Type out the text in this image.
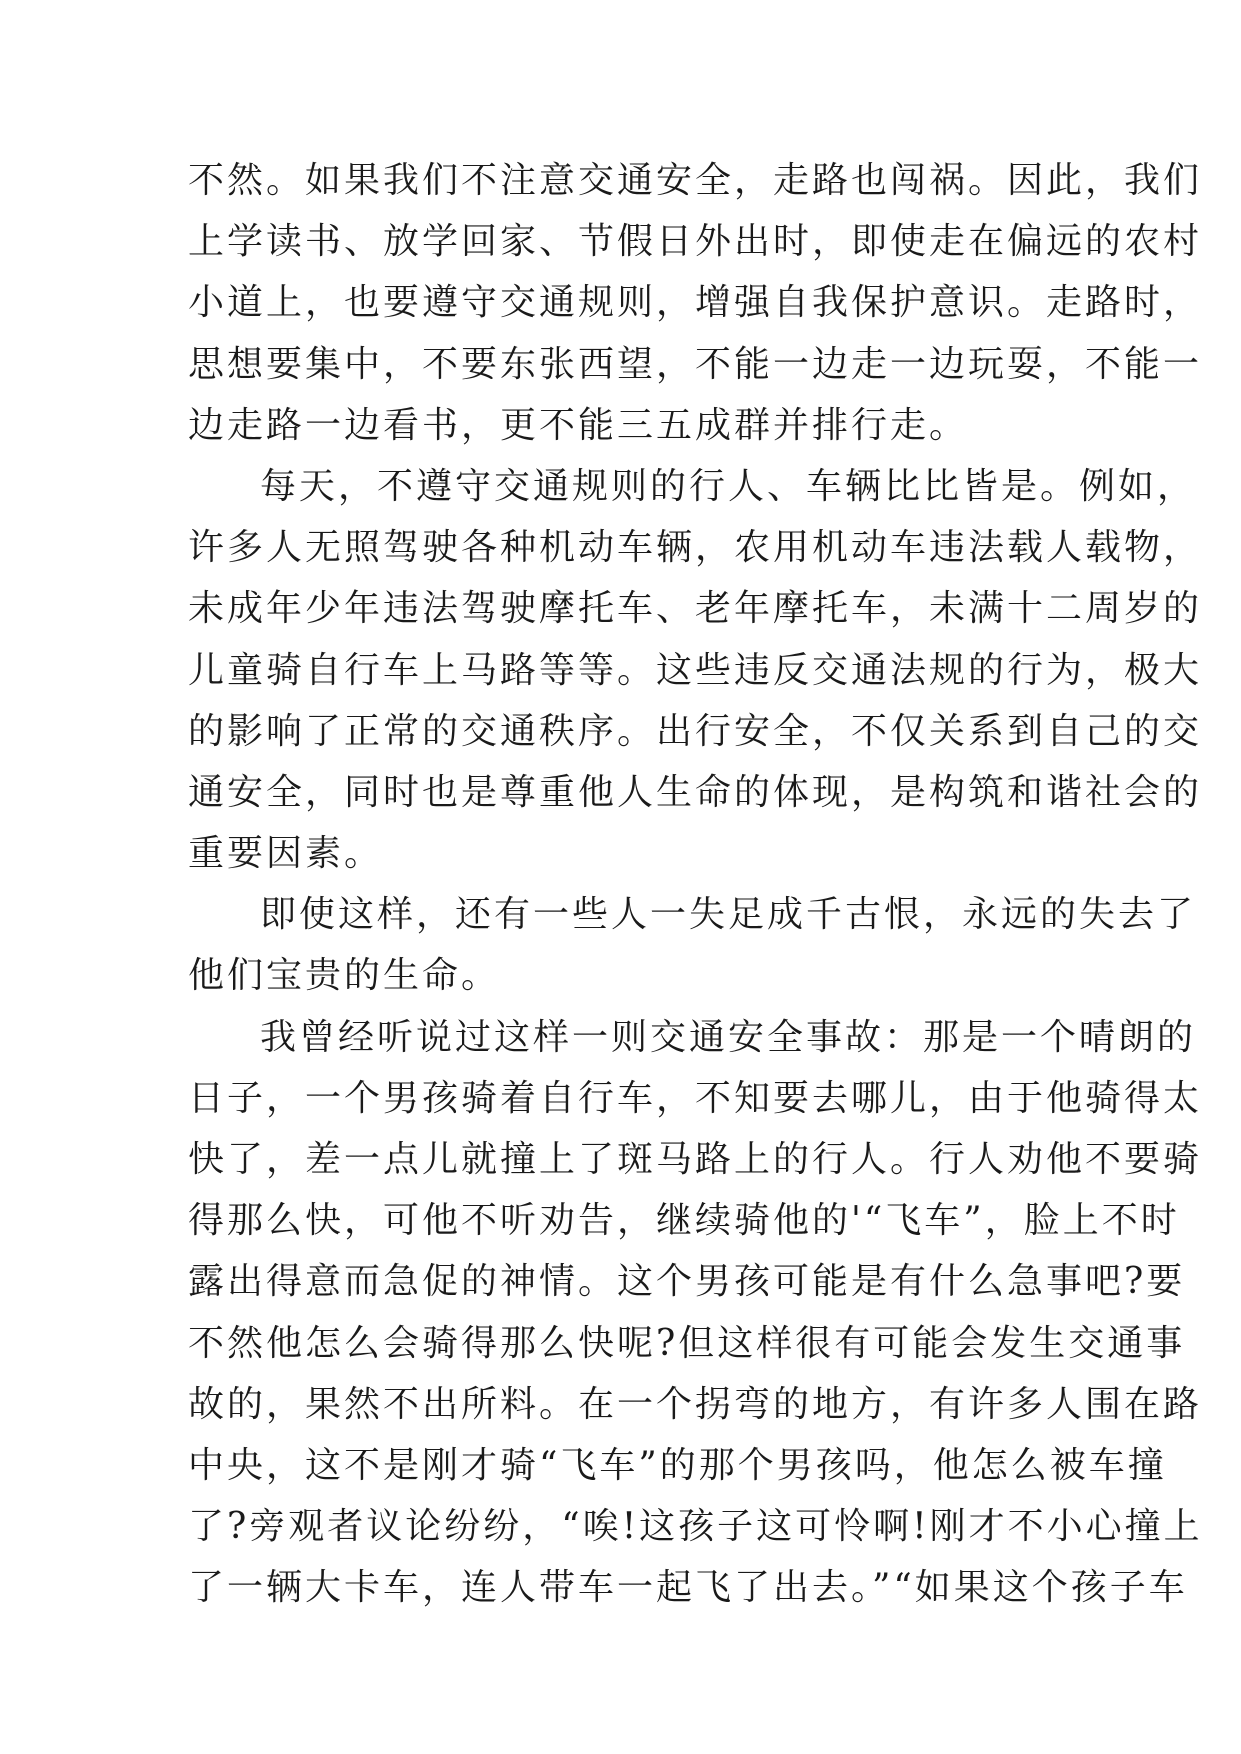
不然。如果我们不注意交通安全，走路也闯祸。因此，我们
上学读书、放学回家、节假日外出时，即使走在偏远的农村
小道上，也要遵守交通规则，增强自我保护意识。走路时，
思想要集中，不要东张西望，不能一边走一边玩耍，不能一
边走路一边看书，更不能三五成群并排行走。
每天，不遵守交通规则的行人、车辆比比皆是。例如，
许多人无照驾驶各种机动车辆，农用机动车违法载人载物，
未成年少年违法驾驶摩托车、老年摩托车，未满十二周岁的
儿童骑自行车上马路等等。这些违反交通法规的行为，极大
的影响了正常的交通秩序。出行安全，不仅关系到自己的交
通安全，同时也是尊重他人生命的体现，是构筑和谐社会的
重要因素。
即使这样，还有一些人一失足成千古恨，永远的失去了
他们宝贵的生命。
我曾经听说过这样一则交通安全事故：那是一个晴朗的
日子，一个男孩骑着自行车，不知要去哪儿，由于他骑得太
快了，差一点儿就撞上了斑马路上的行人。行人劝他不要骑
得那么快，可他不听劝告，继续骑他的'“飞车”，脸上不时
露出得意而急促的神情。这个男孩可能是有什么急事吧?要
不然他怎么会骑得那么快呢?但这样很有可能会发生交通事
故的，果然不出所料。在一个拐弯的地方，有许多人围在路
中央，这不是刚才骑“飞车”的那个男孩吗，他怎么被车撞
了?旁观者议论纷纷，“唉!这孩子这可怜啊!刚才不小心撞上
了一辆大卡车，连人带车一起飞了出去。”“如果这个孩子车
